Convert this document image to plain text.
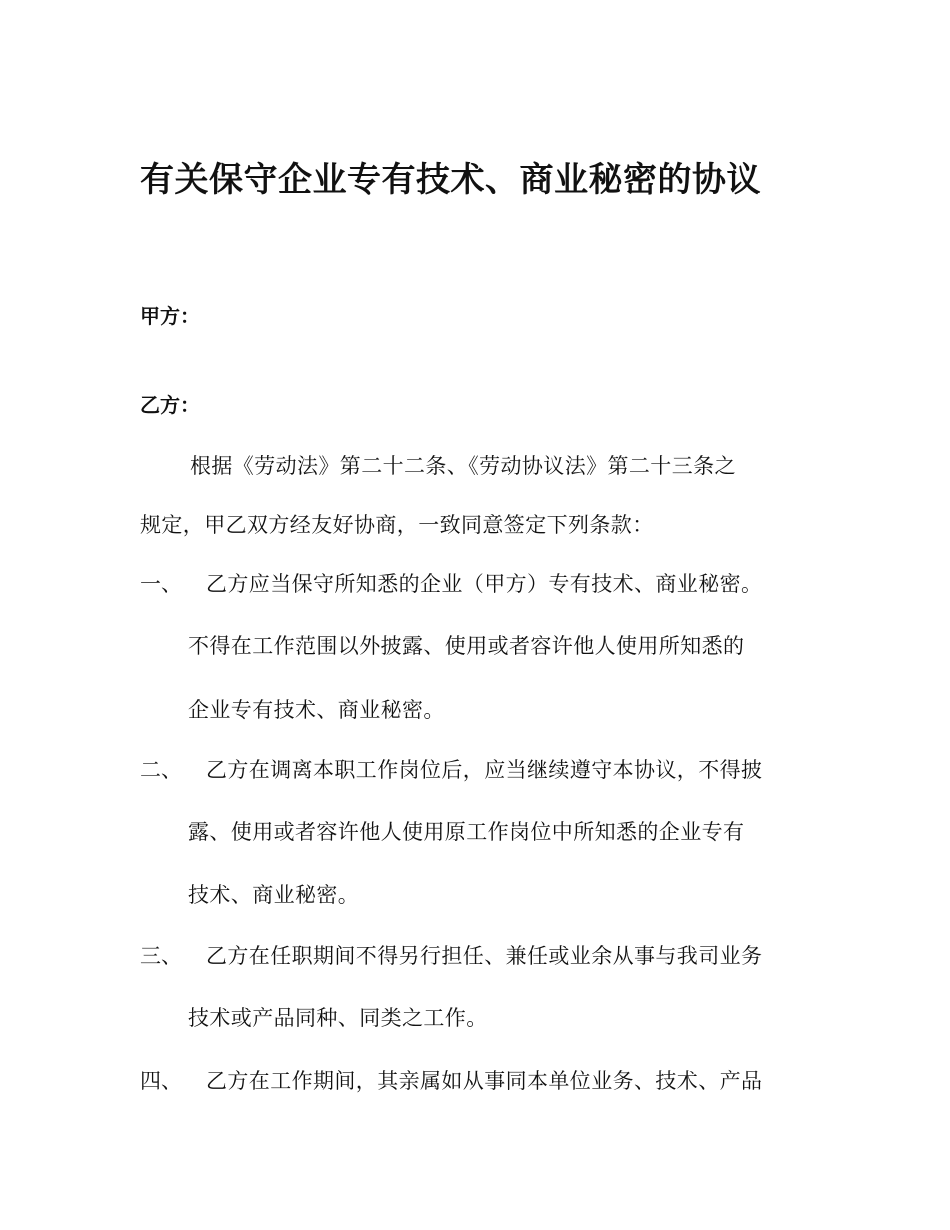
有关保守企业专有技术、商业秘密的协议
甲方：
乙方：
根据《劳动法》第二十二条、《劳动协议法》第二十三条之
规定，甲乙双方经友好协商，一致同意签定下列条款：
一、 乙方应当保守所知悉的企业（甲方）专有技术、商业秘密。
不得在工作范围以外披露、使用或者容许他人使用所知悉的
企业专有技术、商业秘密。
二、 乙方在调离本职工作岗位后，应当继续遵守本协议，不得披
露、使用或者容许他人使用原工作岗位中所知悉的企业专有
技术、商业秘密。
三、 乙方在任职期间不得另行担任、兼任或业余从事与我司业务
技术或产品同种、同类之工作。
四、 乙方在工作期间，其亲属如从事同本单位业务、技术、产品
